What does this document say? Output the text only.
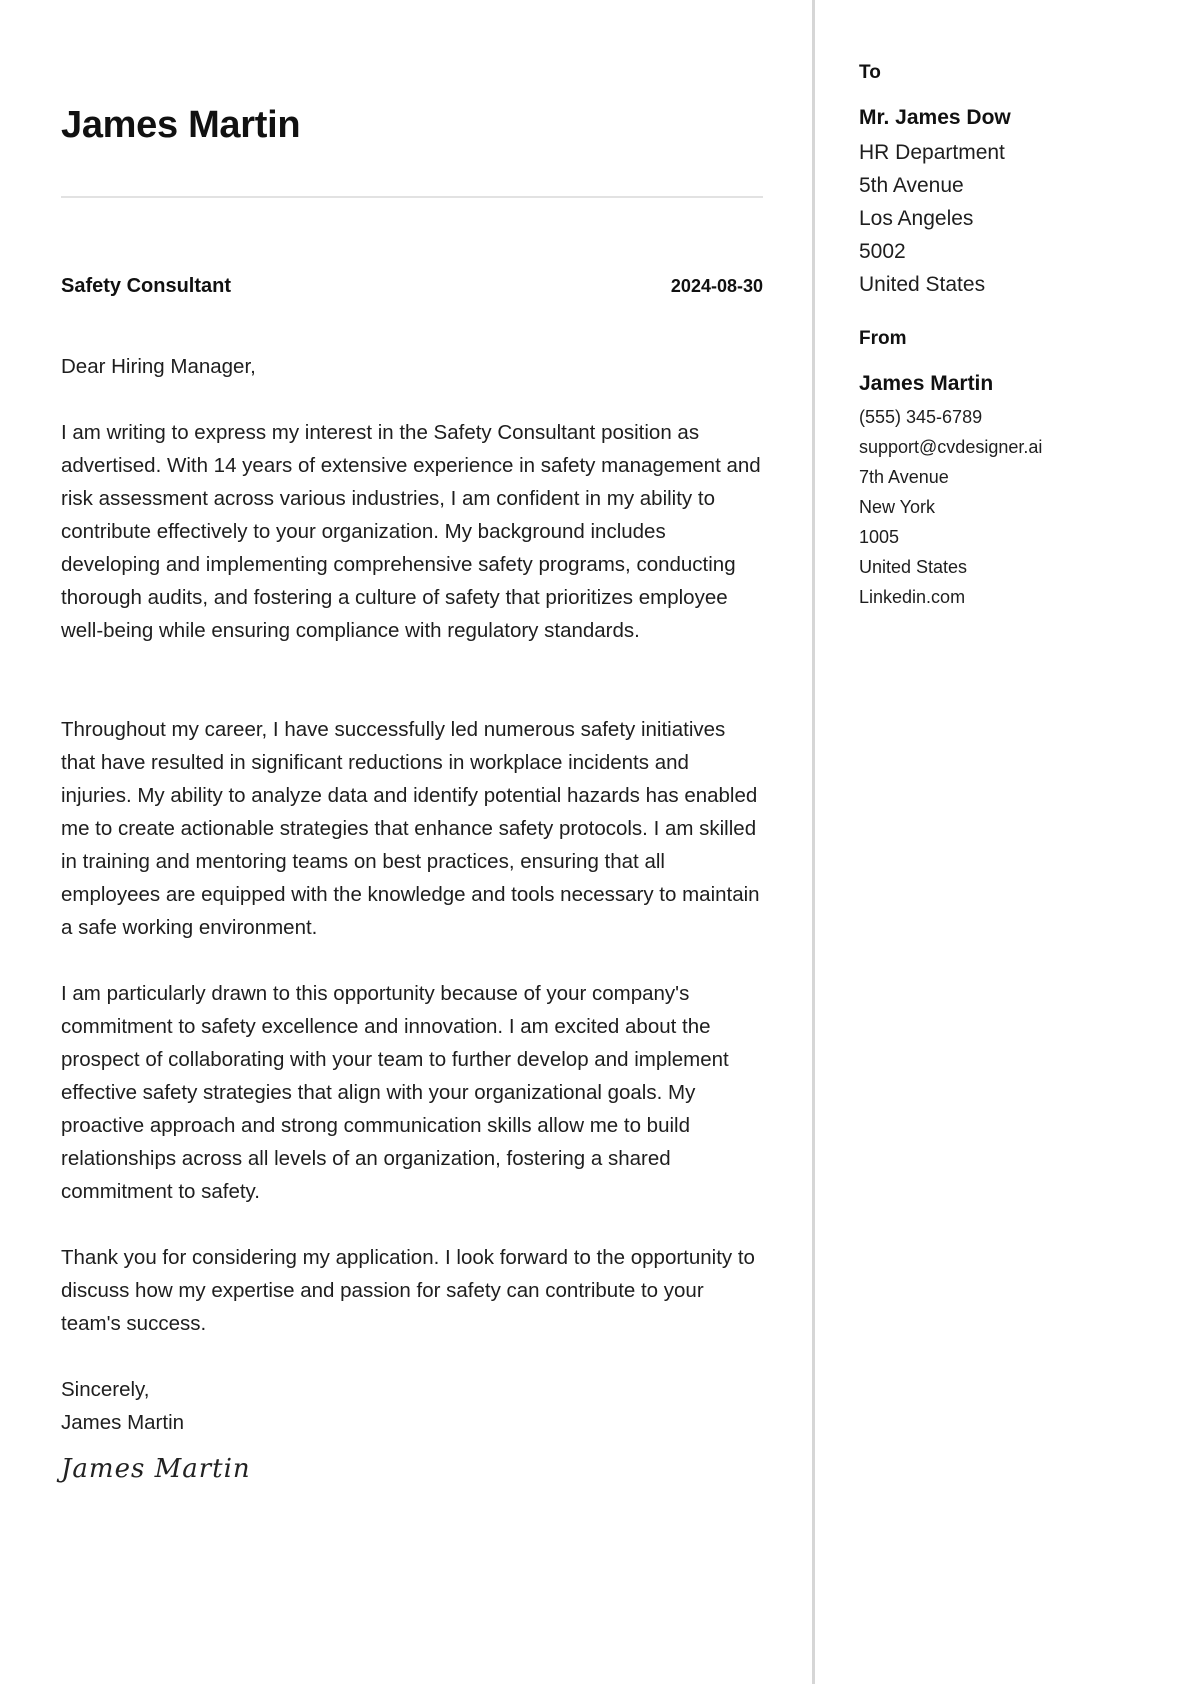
James Martin
Safety Consultant	2024-08-30

Dear Hiring Manager,

I am writing to express my interest in the Safety Consultant position as advertised. With 14 years of extensive experience in safety management and risk assessment across various industries, I am confident in my ability to contribute effectively to your organization. My background includes developing and implementing comprehensive safety programs, conducting thorough audits, and fostering a culture of safety that prioritizes employee well-being while ensuring compliance with regulatory standards.

Throughout my career, I have successfully led numerous safety initiatives that have resulted in significant reductions in workplace incidents and injuries. My ability to analyze data and identify potential hazards has enabled me to create actionable strategies that enhance safety protocols. I am skilled in training and mentoring teams on best practices, ensuring that all employees are equipped with the knowledge and tools necessary to maintain a safe working environment.

I am particularly drawn to this opportunity because of your company's commitment to safety excellence and innovation. I am excited about the prospect of collaborating with your team to further develop and implement effective safety strategies that align with your organizational goals. My proactive approach and strong communication skills allow me to build relationships across all levels of an organization, fostering a shared commitment to safety.

Thank you for considering my application. I look forward to the opportunity to discuss how my expertise and passion for safety can contribute to your team's success.

Sincerely,
James Martin
James Martin
To
Mr. James Dow
HR Department
5th Avenue
Los Angeles
5002
United States
From
James Martin
(555) 345-6789
support@cvdesigner.ai
7th Avenue
New York
1005
United States
Linkedin.com
